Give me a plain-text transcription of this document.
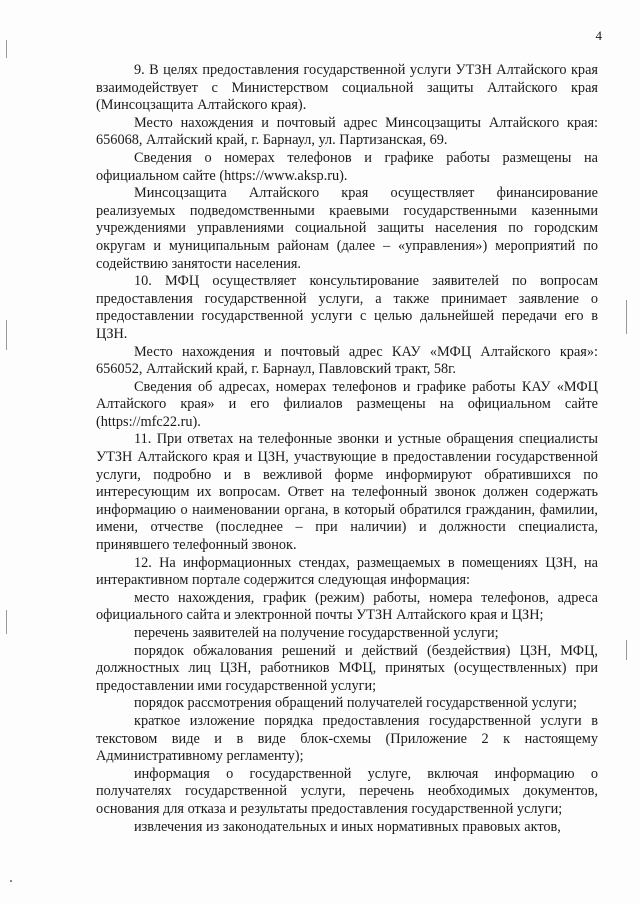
4

9. В целях предоставления государственной услуги УТЗН Алтайского края взаимодействует с Министерством социальной защиты Алтайского края (Минсоцзащита Алтайского края).

Место нахождения и почтовый адрес Минсоцзащиты Алтайского края: 656068, Алтайский край, г. Барнаул, ул. Партизанская, 69.

Сведения о номерах телефонов и графике работы размещены на официальном сайте (https://www.aksp.ru).

Минсоцзащита Алтайского края осуществляет финансирование реализуемых подведомственными краевыми государственными казенными учреждениями управлениями социальной защиты населения по городским округам и муниципальным районам (далее – «управления») мероприятий по содействию занятости населения.

10. МФЦ осуществляет консультирование заявителей по вопросам предоставления государственной услуги, а также принимает заявление о предоставлении государственной услуги с целью дальнейшей передачи его в ЦЗН.

Место нахождения и почтовый адрес КАУ «МФЦ Алтайского края»: 656052, Алтайский край, г. Барнаул, Павловский тракт, 58г.

Сведения об адресах, номерах телефонов и графике работы КАУ «МФЦ Алтайского края» и его филиалов размещены на официальном сайте (https://mfc22.ru).

11. При ответах на телефонные звонки и устные обращения специалисты УТЗН Алтайского края и ЦЗН, участвующие в предоставлении государственной услуги, подробно и в вежливой форме информируют обратившихся по интересующим их вопросам. Ответ на телефонный звонок должен содержать информацию о наименовании органа, в который обратился гражданин, фамилии, имени, отчестве (последнее – при наличии) и должности специалиста, принявшего телефонный звонок.

12. На информационных стендах, размещаемых в помещениях ЦЗН, на интерактивном портале содержится следующая информация:

место нахождения, график (режим) работы, номера телефонов, адреса официального сайта и электронной почты УТЗН Алтайского края и ЦЗН;

перечень заявителей на получение государственной услуги;

порядок обжалования решений и действий (бездействия) ЦЗН, МФЦ, должностных лиц ЦЗН, работников МФЦ, принятых (осуществленных) при предоставлении ими государственной услуги;

порядок рассмотрения обращений получателей государственной услуги;

краткое изложение порядка предоставления государственной услуги в текстовом виде и в виде блок-схемы (Приложение 2 к настоящему Административному регламенту);

информация о государственной услуге, включая информацию о получателях государственной услуги, перечень необходимых документов, основания для отказа и результаты предоставления государственной услуги;

извлечения из законодательных и иных нормативных правовых актов,
